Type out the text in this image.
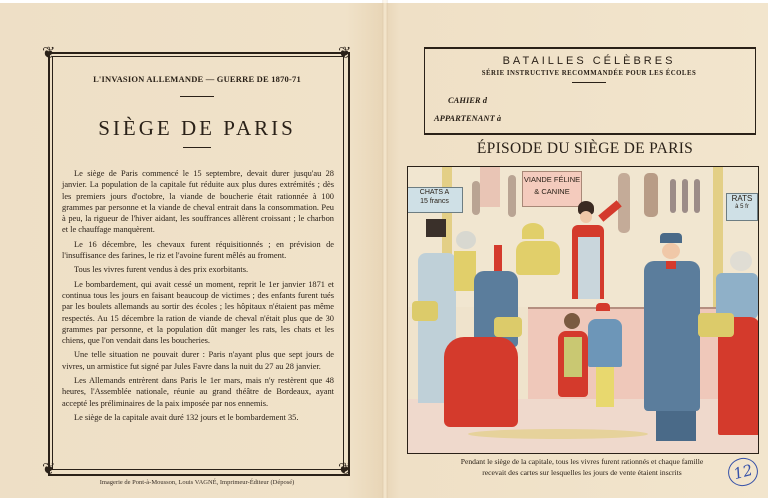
❦	❦
❦	❦
L'INVASION ALLEMANDE — GUERRE DE 1870-71
SIÈGE DE PARIS

Le siège de Paris commencé le 15 septembre, devait durer jusqu'au 28 janvier. La population de la capitale fut réduite aux plus dures extrémités ; dès les premiers jours d'octobre, la viande de boucherie était rationnée à 100 grammes par personne et la viande de cheval entrait dans la consommation. Peu à peu, la rigueur de l'hiver aidant, les souffrances allèrent croissant ; le charbon et le chauffage manquèrent.

Le 16 décembre, les chevaux furent réquisitionnés ; en prévision de l'insuffisance des farines, le riz et l'avoine furent mêlés au froment.

Tous les vivres furent vendus à des prix exorbitants.

Le bombardement, qui avait cessé un moment, reprit le 1er janvier 1871 et continua tous les jours en faisant beaucoup de victimes ; des enfants furent tués par les boulets allemands au sortir des écoles ; les hôpitaux n'étaient pas même respectés. Au 15 décembre la ration de viande de cheval n'était plus que de 30 grammes par personne, et la population dût manger les rats, les chats et les chiens, que l'on vendait dans les boucheries.

Une telle situation ne pouvait durer : Paris n'ayant plus que sept jours de vivres, un armistice fut signé par Jules Favre dans la nuit du 27 au 28 janvier.

Les Allemands entrèrent dans Paris le 1er mars, mais n'y restèrent que 48 heures, l'Assemblée nationale, réunie au grand théâtre de Bordeaux, ayant accepté les préliminaires de la paix imposée par nos ennemis.

Le siège de la capitale avait duré 132 jours et le bombardement 35.

Imagerie de Pont-à-Mousson, Louis VAGNÉ, Imprimeur-Éditeur (Déposé)
BATAILLES CÉLÈBRES
SÉRIE INSTRUCTIVE RECOMMANDÉE POUR LES ÉCOLES
CAHIER d
APPARTENANT à
ÉPISODE DU SIÈGE DE PARIS
CHATS A
15 francs
VIANDE FÉLINE
& CANINE
RATS
à 5 fr
Pendant le siège de la capitale, tous les vivres furent rationnés et chaque famille
recevait des cartes sur lesquelles les jours de vente étaient inscrits	12
